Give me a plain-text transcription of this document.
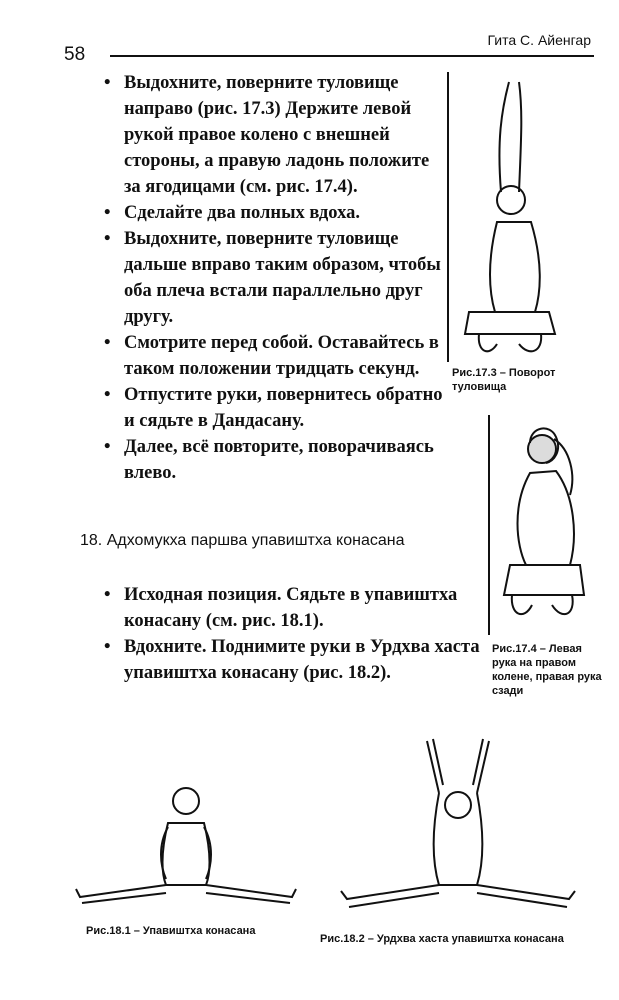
58
Гита С. Айенгар
• Выдохните, поверните туловище направо (рис. 17.3) Держите левой рукой правое колено с внешней стороны, а правую ладонь положите за ягодицами (см. рис. 17.4).
• Сделайте два полных вдоха.
• Выдохните, поверните туловище дальше вправо таким образом, чтобы оба плеча встали параллельно друг другу.
• Смотрите перед собой. Оставайтесь в таком положении тридцать секунд.
• Отпустите руки, повернитесь обратно и сядьте в Дандасану.
• Далее, всё повторите, поворачиваясь влево.
18. Адхомукха паршва упавиштха конасана
• Исходная позиция. Сядьте в упавиштха конасану (см. рис. 18.1).
• Вдохните. Поднимите руки в Урдхва хаста упавиштха конасану (рис. 18.2).
Рис.17.3 – Поворот туловища
Рис.17.4 – Левая рука на правом колене, правая рука сзади
Рис.18.1 – Упавиштха конасана
Рис.18.2 – Урдхва хаста упавиштха конасана
